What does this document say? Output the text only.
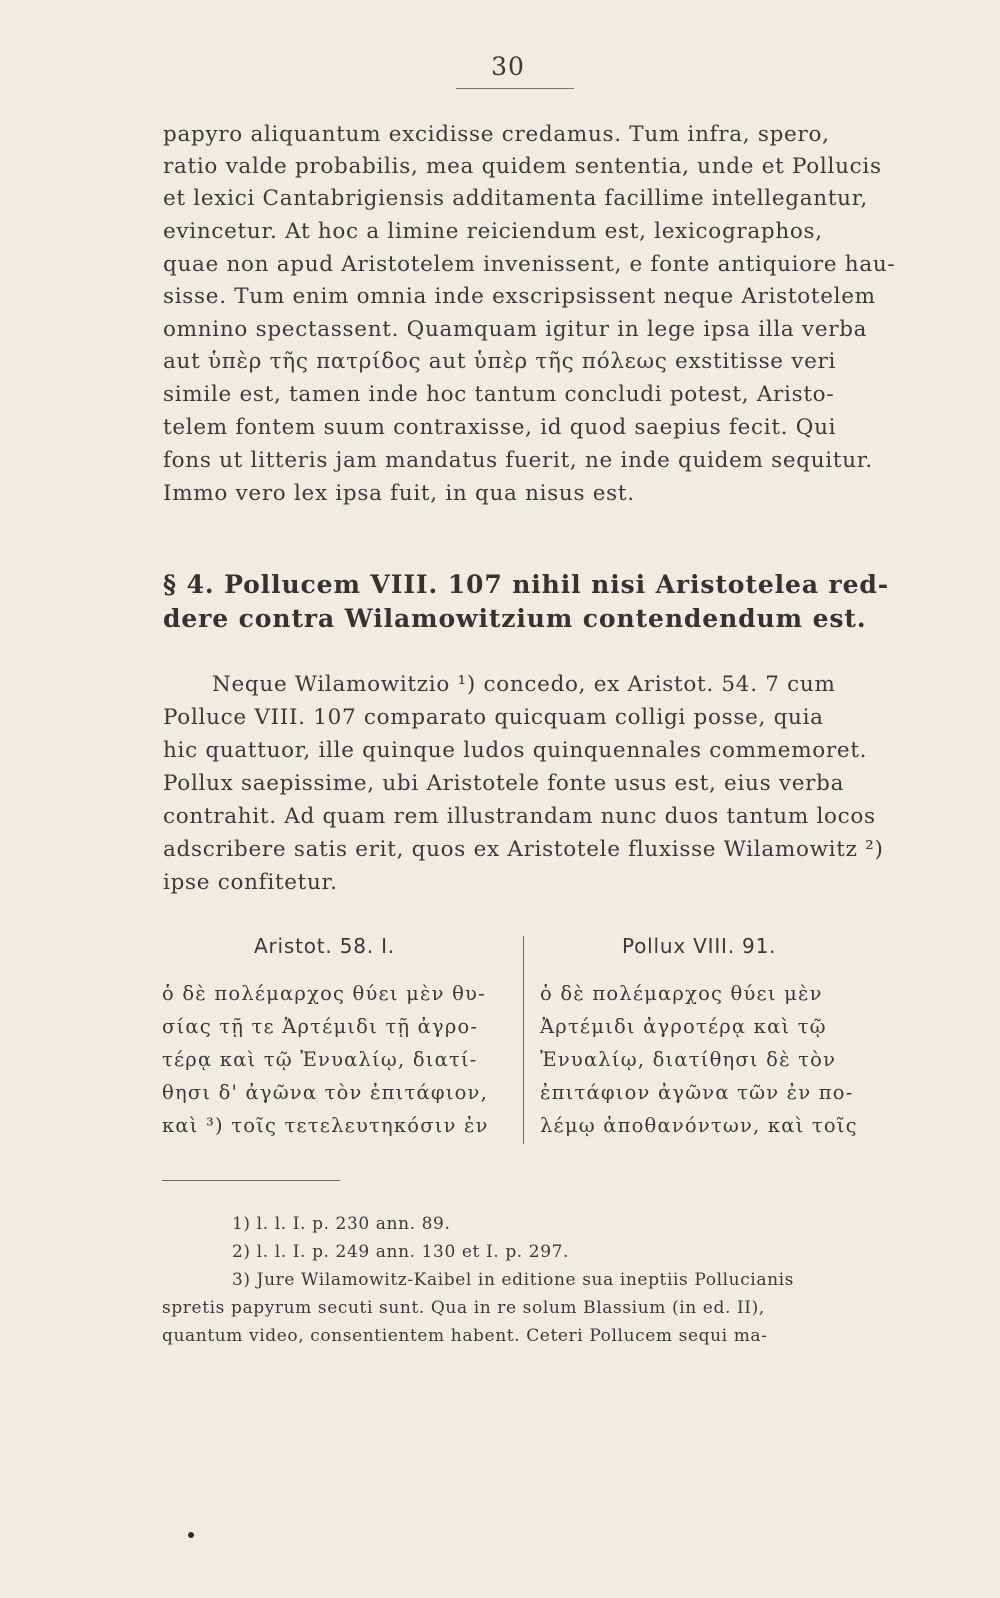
30
papyro aliquantum excidisse credamus. Tum infra, spero,
ratio valde probabilis, mea quidem sententia, unde et Pollucis
et lexici Cantabrigiensis additamenta facillime intellegantur,
evincetur. At hoc a limine reiciendum est, lexicographos,
quae non apud Aristotelem invenissent, e fonte antiquiore hau-
sisse. Tum enim omnia inde exscripsissent neque Aristotelem
omnino spectassent. Quamquam igitur in lege ipsa illa verba
aut ὑπὲρ τῆς πατρίδος aut ὑπὲρ τῆς πόλεως exstitisse veri
simile est, tamen inde hoc tantum concludi potest, Aristo-
telem fontem suum contraxisse, id quod saepius fecit. Qui
fons ut litteris jam mandatus fuerit, ne inde quidem sequitur.
Immo vero lex ipsa fuit, in qua nisus est.
§ 4. Pollucem VIII. 107 nihil nisi Aristotelea red-
dere contra Wilamowitzium contendendum est.
Neque Wilamowitzio ¹) concedo, ex Aristot. 54. 7 cum
Polluce VIII. 107 comparato quicquam colligi posse, quia
hic quattuor, ille quinque ludos quinquennales commemoret.
Pollux saepissime, ubi Aristotele fonte usus est, eius verba
contrahit. Ad quam rem illustrandam nunc duos tantum locos
adscribere satis erit, quos ex Aristotele fluxisse Wilamowitz ²)
ipse confitetur.
Aristot. 58. I.
ὁ δὲ πολέμαρχος θύει μὲν θυ-
σίας τῇ τε Ἀρτέμιδι τῇ ἀγρο-
τέρᾳ καὶ τῷ Ἐνυαλίῳ, διατί-
θησι δ' ἀγῶνα τὸν ἐπιτάφιον,
καὶ ³) τοῖς τετελευτηκόσιν ἐν
Pollux VIII. 91.
ὁ δὲ πολέμαρχος θύει μὲν
Ἀρτέμιδι ἀγροτέρᾳ καὶ τῷ
Ἐνυαλίῳ, διατίθησι δὲ τὸν
ἐπιτάφιον ἀγῶνα τῶν ἐν πο-
λέμῳ ἀποθανόντων, καὶ τοῖς
1) l. l. I. p. 230 ann. 89.
2) l. l. I. p. 249 ann. 130 et I. p. 297.
3) Jure Wilamowitz-Kaibel in editione sua ineptiis Pollucianis
spretis papyrum secuti sunt. Qua in re solum Blassium (in ed. II),
quantum video, consentientem habent. Ceteri Pollucem sequi ma-
